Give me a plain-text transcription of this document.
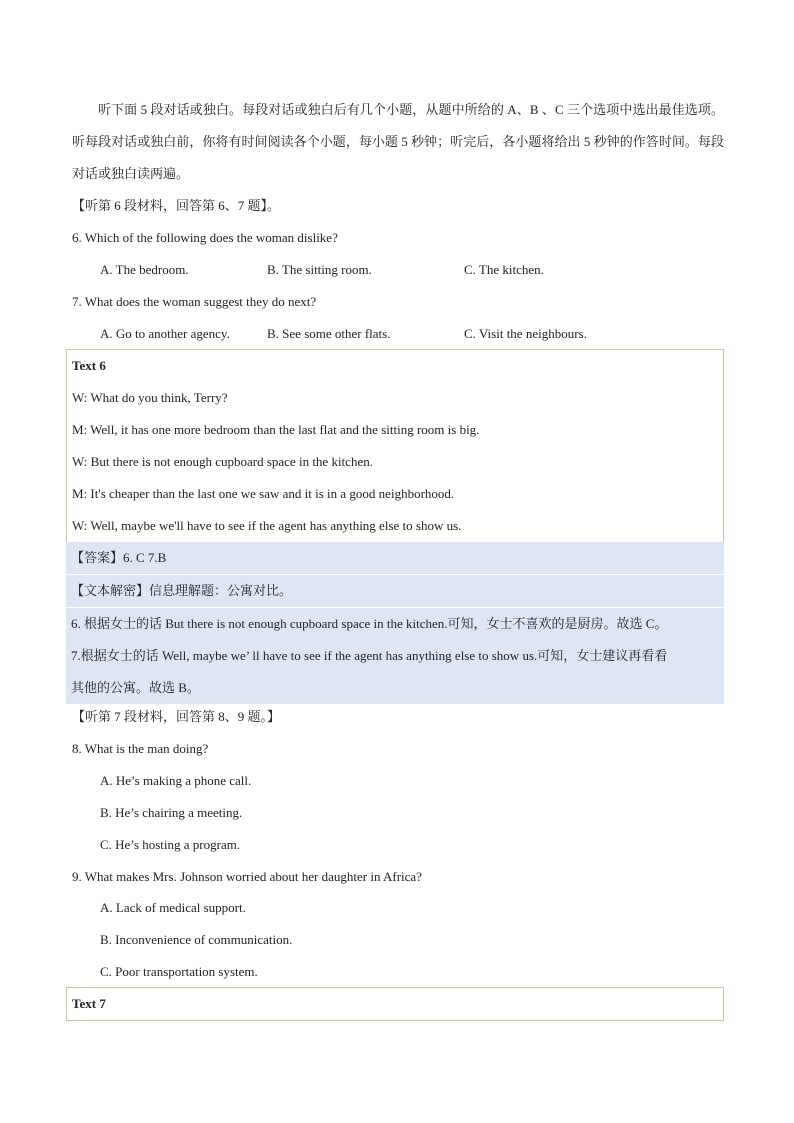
听下面 5 段对话或独白。每段对话或独白后有几个小题，从题中所给的 A、B 、C 三个选项中选出最佳选项。听每段对话或独白前，你将有时间阅读各个小题，每小题 5 秒钟；听完后，各小题将给出 5 秒钟的作答时间。每段对话或独白读两遍。

【听第 6 段材料，回答第 6、7 题】。
6. Which of the following does the woman dislike?
A. The bedroom.	B. The sitting room.	C. The kitchen.
7. What does the woman suggest they do next?
A. Go to another agency.	B. See some other flats.	C. Visit the neighbours.
Text 6
W: What do you think, Terry?
M: Well, it has one more bedroom than the last flat and the sitting room is big.
W: But there is not enough cupboard space in the kitchen.
M: It's cheaper than the last one we saw and it is in a good neighborhood.
W: Well, maybe we'll have to see if the agent has anything else to show us.
【答案】6. C 7.B
【文本解密】信息理解题：公寓对比。
6. 根据女士的话 But there is not enough cupboard space in the kitchen.可知，女士不喜欢的是厨房。故选 C。
7.根据女士的话 Well, maybe we’ ll have to see if the agent has anything else to show us.可知，女士建议再看看
其他的公寓。故选 B。
【听第 7 段材料，回答第 8、9 题。】
8. What is the man doing?
A. He’s making a phone call.
B. He’s chairing a meeting.
C. He’s hosting a program.
9. What makes Mrs. Johnson worried about her daughter in Africa?
A. Lack of medical support.
B. Inconvenience of communication.
C. Poor transportation system.
Text 7
